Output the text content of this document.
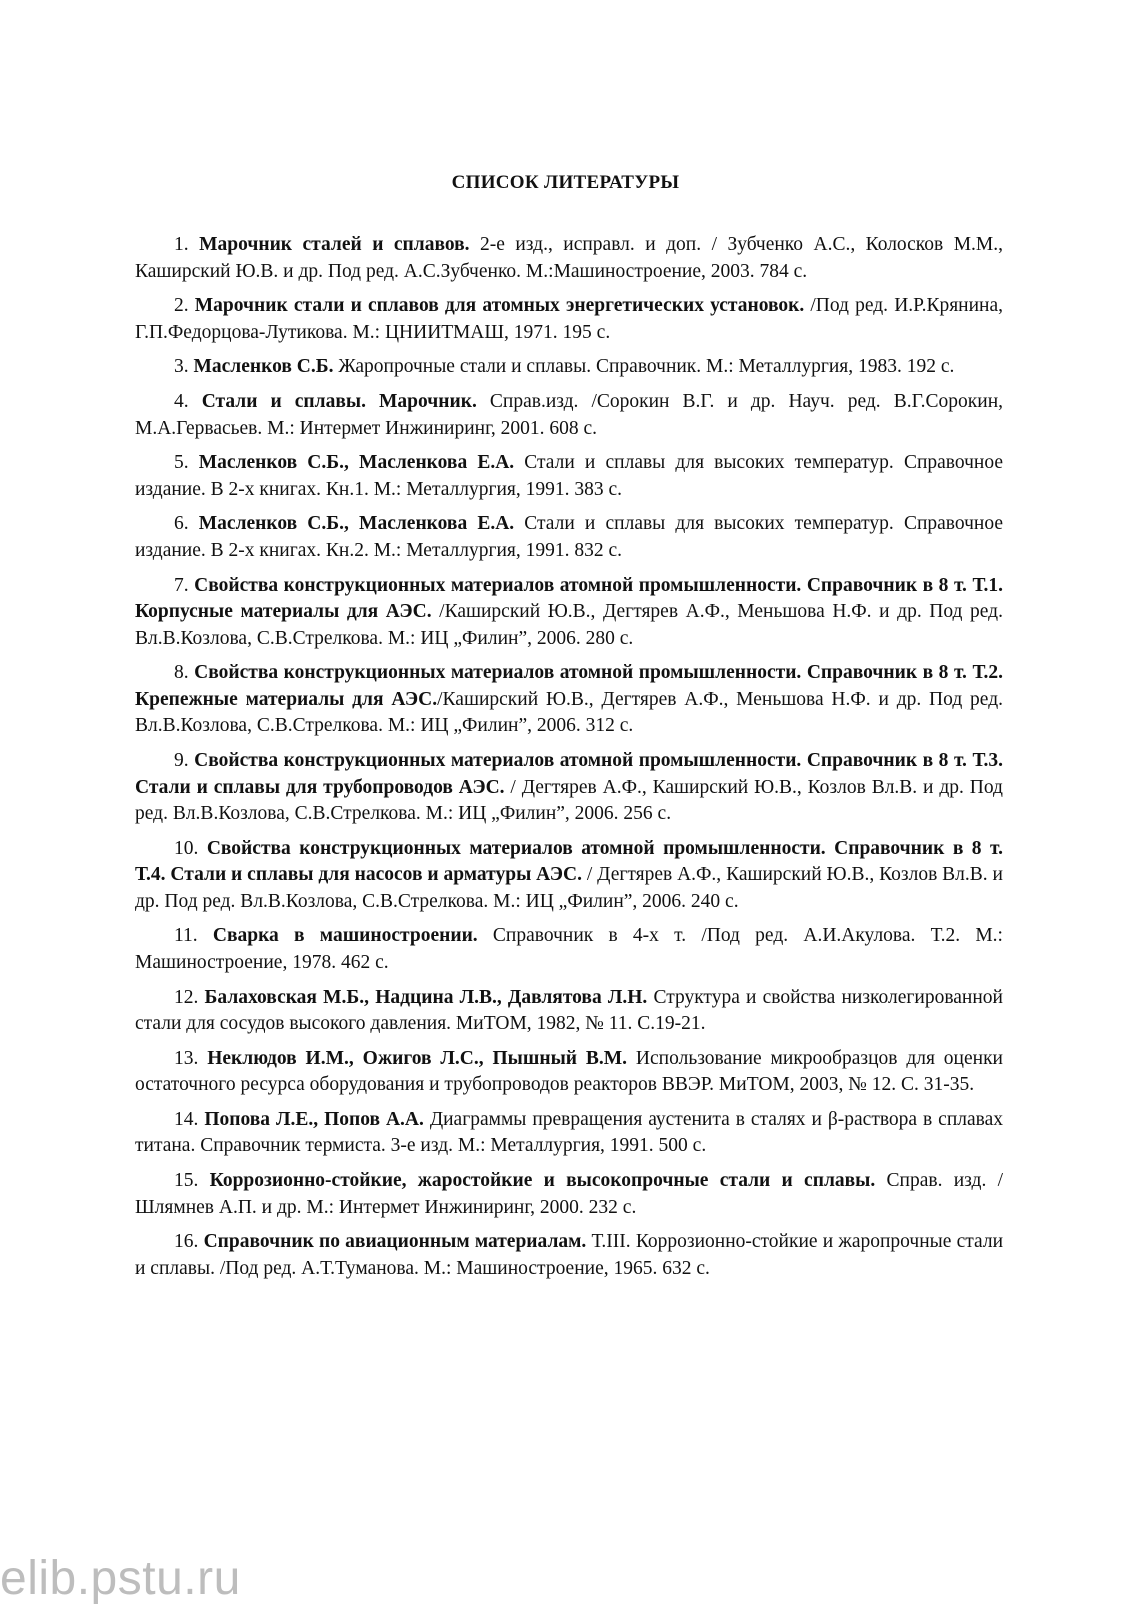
СПИСОК ЛИТЕРАТУРЫ

1. Марочник сталей и сплавов. 2-е изд., исправл. и доп. / Зубченко А.С., Колосков М.М., Каширский Ю.В. и др. Под ред. А.С.Зубченко. М.:Машиностроение, 2003. 784 с.

2. Марочник стали и сплавов для атомных энергетических установок. /Под ред. И.Р.Крянина, Г.П.Федорцова-Лутикова. М.: ЦНИИТМАШ, 1971. 195 с.

3. Масленков С.Б. Жаропрочные стали и сплавы. Справочник. М.: Металлургия, 1983. 192 с.

4. Стали и сплавы. Марочник. Справ.изд. /Сорокин В.Г. и др. Науч. ред. В.Г.Сорокин, М.А.Гервасьев. М.: Интермет Инжиниринг, 2001. 608 с.

5. Масленков С.Б., Масленкова Е.А. Стали и сплавы для высоких температур. Справочное издание. В 2-х книгах. Кн.1. М.: Металлургия, 1991. 383 с.

6. Масленков С.Б., Масленкова Е.А. Стали и сплавы для высоких температур. Справочное издание. В 2-х книгах. Кн.2. М.: Металлургия, 1991. 832 с.

7. Свойства конструкционных материалов атомной промышленности. Справочник в 8 т. Т.1. Корпусные материалы для АЭС. /Каширский Ю.В., Дегтярев А.Ф., Меньшова Н.Ф. и др. Под ред. Вл.В.Козлова, С.В.Стрелкова. М.: ИЦ „Филин”, 2006. 280 с.

8. Свойства конструкционных материалов атомной промышленности. Справочник в 8 т. Т.2. Крепежные материалы для АЭС./Каширский Ю.В., Дегтярев А.Ф., Меньшова Н.Ф. и др. Под ред. Вл.В.Козлова, С.В.Стрелкова. М.: ИЦ „Филин”, 2006. 312 с.

9. Свойства конструкционных материалов атомной промышленности. Справочник в 8 т. Т.3. Стали и сплавы для трубопроводов АЭС. / Дегтярев А.Ф., Каширский Ю.В., Козлов Вл.В. и др. Под ред. Вл.В.Козлова, С.В.Стрелкова. М.: ИЦ „Филин”, 2006. 256 с.

10. Свойства конструкционных материалов атомной промышленности. Справочник в 8 т. Т.4. Стали и сплавы для насосов и арматуры АЭС. / Дегтярев А.Ф., Каширский Ю.В., Козлов Вл.В. и др. Под ред. Вл.В.Козлова, С.В.Стрелкова. М.: ИЦ „Филин”, 2006. 240 с.

11. Сварка в машиностроении. Справочник в 4-х т. /Под ред. А.И.Акулова. Т.2. М.: Машиностроение, 1978. 462 с.

12. Балаховская М.Б., Надцина Л.В., Давлятова Л.Н. Структура и свойства низколегированной стали для сосудов высокого давления. МиТОМ, 1982, № 11. С.19-21.

13. Неклюдов И.М., Ожигов Л.С., Пышный В.М. Использование микрообразцов для оценки остаточного ресурса оборудования и трубопроводов реакторов ВВЭР. МиТОМ, 2003, № 12. С. 31-35.

14. Попова Л.Е., Попов А.А. Диаграммы превращения аустенита в сталях и β-раствора в сплавах титана. Справочник термиста. 3-е изд. М.: Металлургия, 1991. 500 с.

15. Коррозионно-стойкие, жаростойкие и высокопрочные стали и сплавы. Справ. изд. /Шлямнев А.П. и др. М.: Интермет Инжиниринг, 2000. 232 с.

16. Справочник по авиационным материалам. Т.III. Коррозионно-стойкие и жаропрочные стали и сплавы. /Под ред. А.Т.Туманова. М.: Машиностроение, 1965. 632 с.

elib.pstu.ru
